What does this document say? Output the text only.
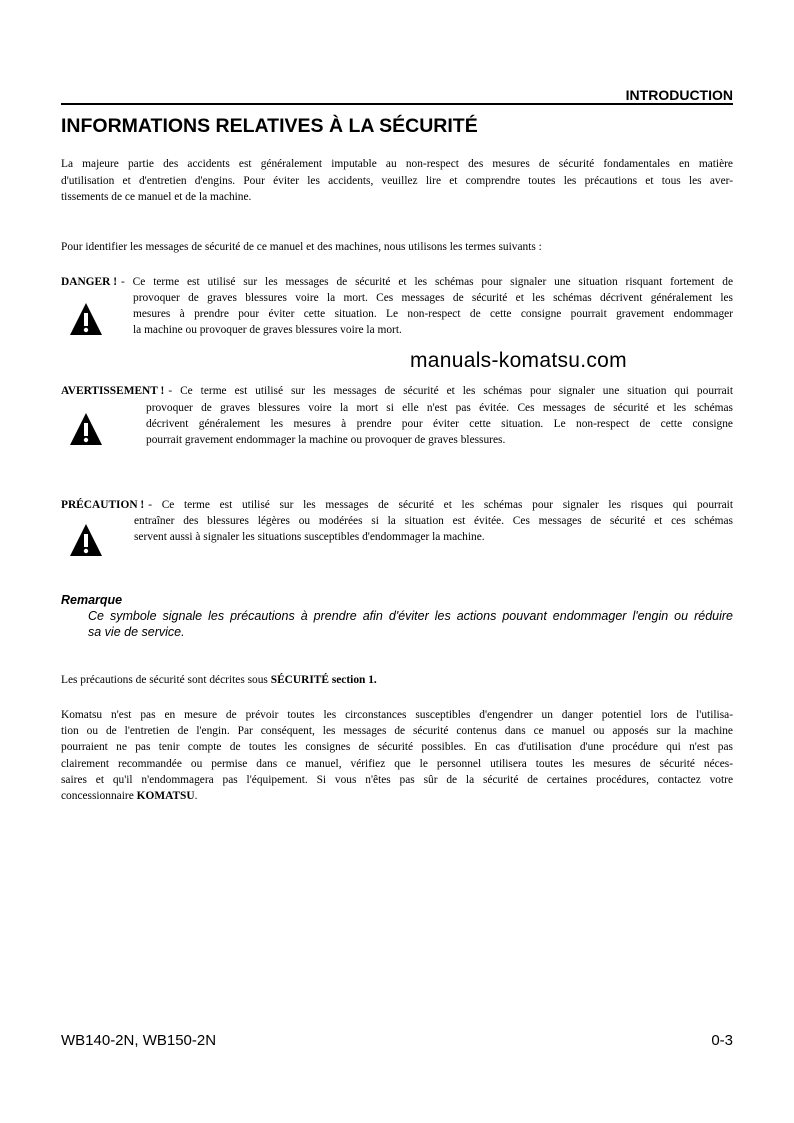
INTRODUCTION
INFORMATIONS RELATIVES À LA SÉCURITÉ
La majeure partie des accidents est généralement imputable au non-respect des mesures de sécurité fondamentales en matière
d'utilisation et d'entretien d'engins. Pour éviter les accidents, veuillez lire et comprendre toutes les précautions et tous les aver-
tissements de ce manuel et de la machine.
Pour identifier les messages de sécurité de ce manuel et des machines, nous utilisons les termes suivants :
DANGER ! - Ce terme est utilisé sur les messages de sécurité et les schémas pour signaler une situation risquant fortement de
provoquer de graves blessures voire la mort. Ces messages de sécurité et les schémas décrivent généralement les
mesures à prendre pour éviter cette situation. Le non-respect de cette consigne pourrait gravement endommager
la machine ou provoquer de graves blessures voire la mort.
manuals-komatsu.com
AVERTISSEMENT ! - Ce terme est utilisé sur les messages de sécurité et les schémas pour signaler une situation qui pourrait
provoquer de graves blessures voire la mort si elle n'est pas évitée. Ces messages de sécurité et les schémas
décrivent généralement les mesures à prendre pour éviter cette situation. Le non-respect de cette consigne
pourrait gravement endommager la machine ou provoquer de graves blessures.
PRÉCAUTION ! - Ce terme est utilisé sur les messages de sécurité et les schémas pour signaler les risques qui pourrait
entraîner des blessures légères ou modérées si la situation est évitée. Ces messages de sécurité et ces schémas
servent aussi à signaler les situations susceptibles d'endommager la machine.
Remarque
Ce symbole signale les précautions à prendre afin d'éviter les actions pouvant endommager l'engin ou réduire
sa vie de service.
Les précautions de sécurité sont décrites sous SÉCURITÉ section 1.
Komatsu n'est pas en mesure de prévoir toutes les circonstances susceptibles d'engendrer un danger potentiel lors de l'utilisa-
tion ou de l'entretien de l'engin. Par conséquent, les messages de sécurité contenus dans ce manuel ou apposés sur la machine
pourraient ne pas tenir compte de toutes les consignes de sécurité possibles. En cas d'utilisation d'une procédure qui n'est pas
clairement recommandée ou permise dans ce manuel, vérifiez que le personnel utilisera toutes les mesures de sécurité néces-
saires et qu'il n'endommagera pas l'équipement. Si vous n'êtes pas sûr de la sécurité de certaines procédures, contactez votre
concessionnaire KOMATSU.
WB140-2N, WB150-2N	0-3
